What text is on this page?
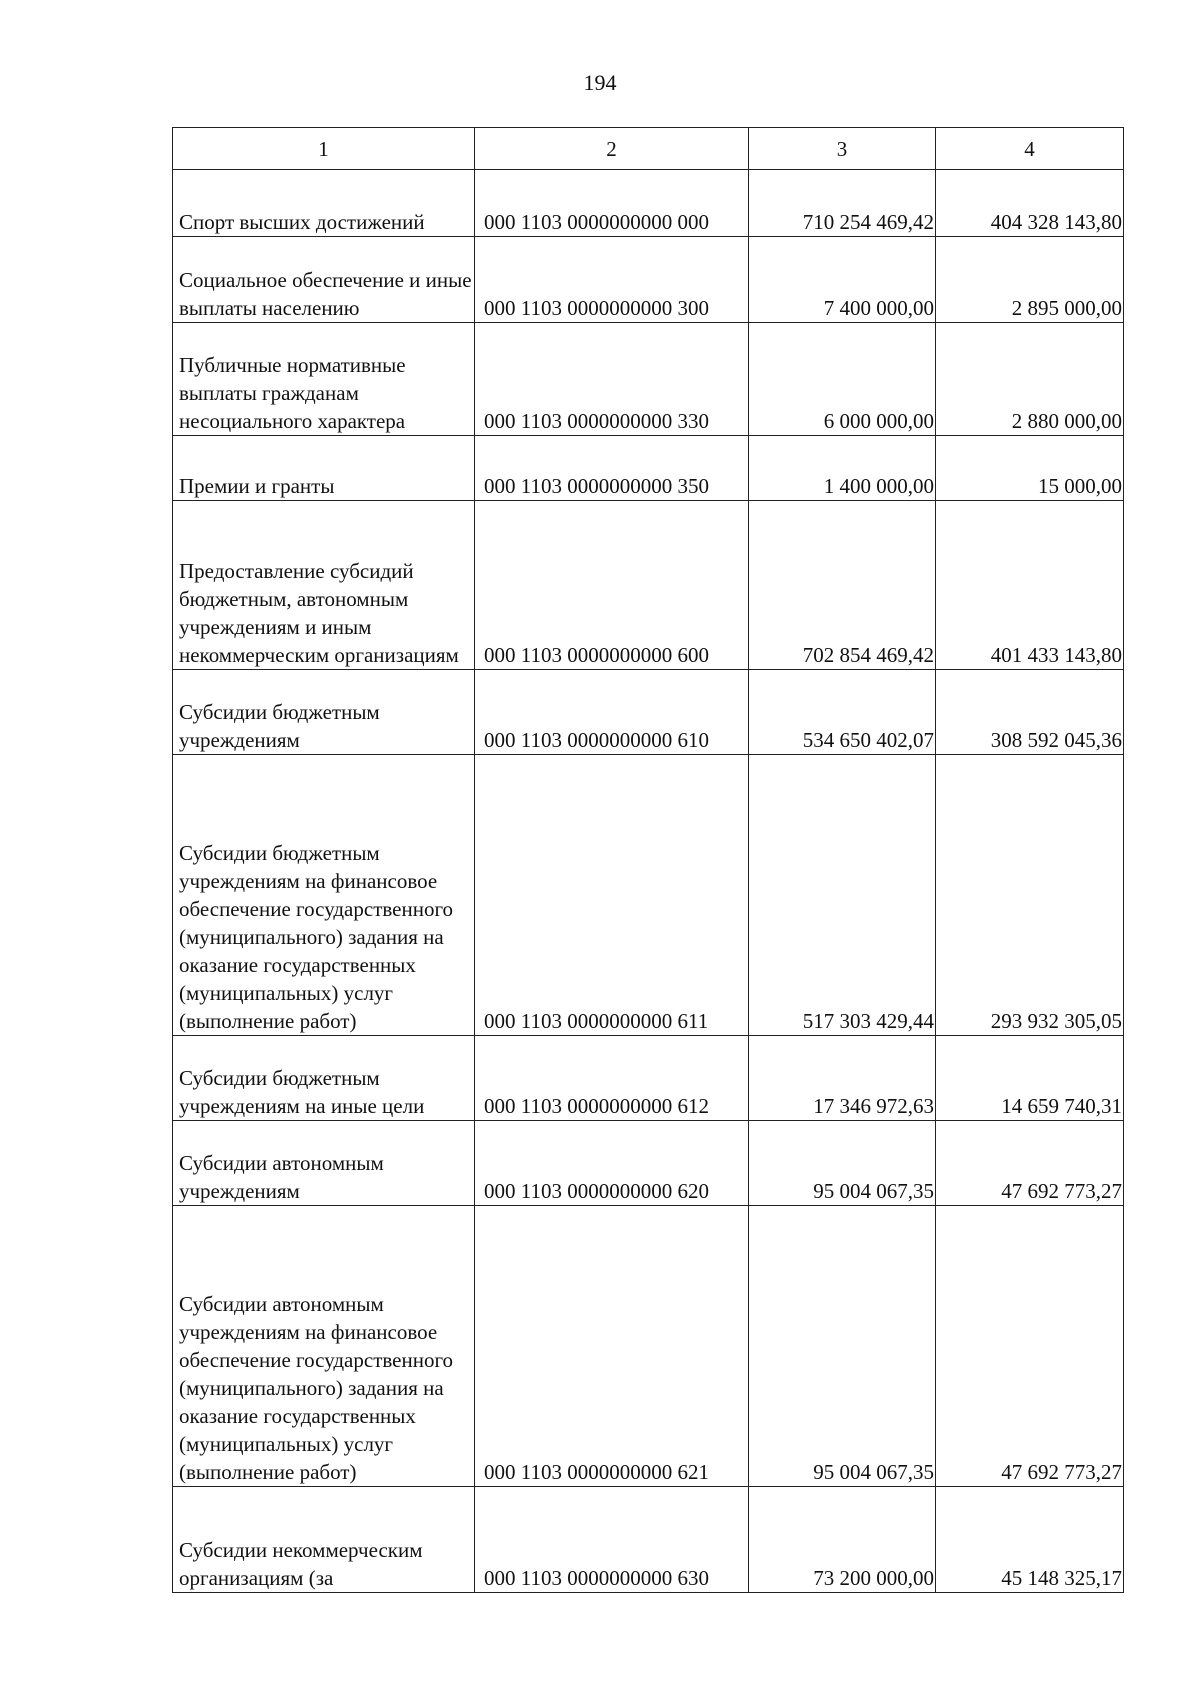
194
1	2	3	4
Спорт высших достижений	000 1103 0000000000 000	710 254 469,42	404 328 143,80
Социальное обеспечение и иные выплаты населению	000 1103 0000000000 300	7 400 000,00	2 895 000,00
Публичные нормативные выплаты гражданам несоциального характера	000 1103 0000000000 330	6 000 000,00	2 880 000,00
Премии и гранты	000 1103 0000000000 350	1 400 000,00	15 000,00
Предоставление субсидий бюджетным, автономным учреждениям и иным некоммерческим организациям	000 1103 0000000000 600	702 854 469,42	401 433 143,80
Субсидии бюджетным учреждениям	000 1103 0000000000 610	534 650 402,07	308 592 045,36
Субсидии бюджетным учреждениям на финансовое обеспечение государственного (муниципального) задания на оказание государственных (муниципальных) услуг (выполнение работ)	000 1103 0000000000 611	517 303 429,44	293 932 305,05
Субсидии бюджетным учреждениям на иные цели	000 1103 0000000000 612	17 346 972,63	14 659 740,31
Субсидии автономным учреждениям	000 1103 0000000000 620	95 004 067,35	47 692 773,27
Субсидии автономным учреждениям на финансовое обеспечение государственного (муниципального) задания на оказание государственных (муниципальных) услуг (выполнение работ)	000 1103 0000000000 621	95 004 067,35	47 692 773,27
Субсидии некоммерческим организациям (за	000 1103 0000000000 630	73 200 000,00	45 148 325,17
